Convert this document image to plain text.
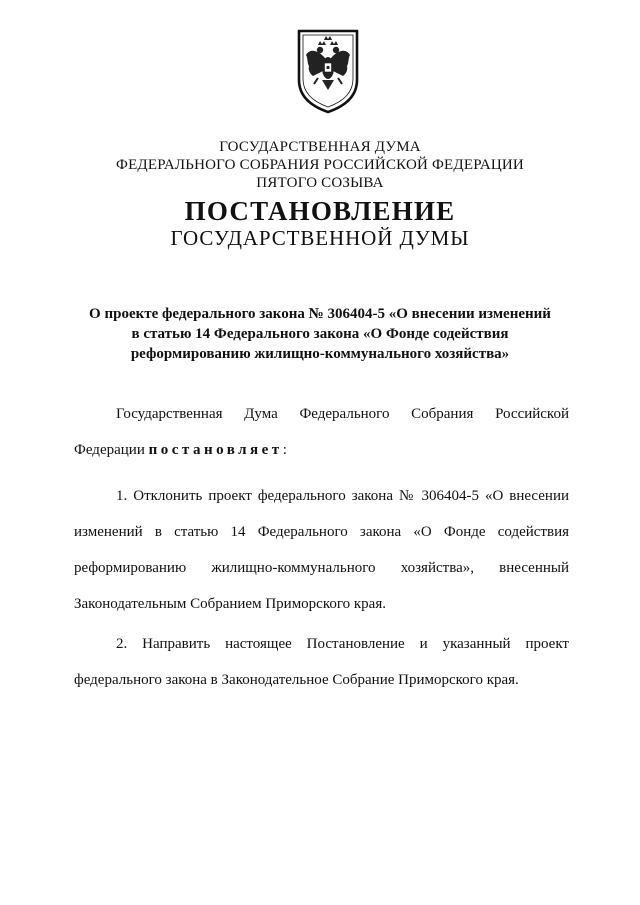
ГОСУДАРСТВЕННАЯ ДУМА
ФЕДЕРАЛЬНОГО СОБРАНИЯ РОССИЙСКОЙ ФЕДЕРАЦИИ
ПЯТОГО СОЗЫВА
ПОСТАНОВЛЕНИЕ
ГОСУДАРСТВЕННОЙ ДУМЫ
О проекте федерального закона № 306404-5 «О внесении изменений
в статью 14 Федерального закона «О Фонде содействия
реформированию жилищно-коммунального хозяйства»

Государственная Дума Федерального Собрания Российской Федерации постановляет:

1. Отклонить проект федерального закона № 306404-5 «О внесении изменений в статью 14 Федерального закона «О Фонде содействия реформированию жилищно-коммунального хозяйства», внесенный Законодательным Собранием Приморского края.

2. Направить настоящее Постановление и указанный проект федерального закона в Законодательное Собрание Приморского края.
